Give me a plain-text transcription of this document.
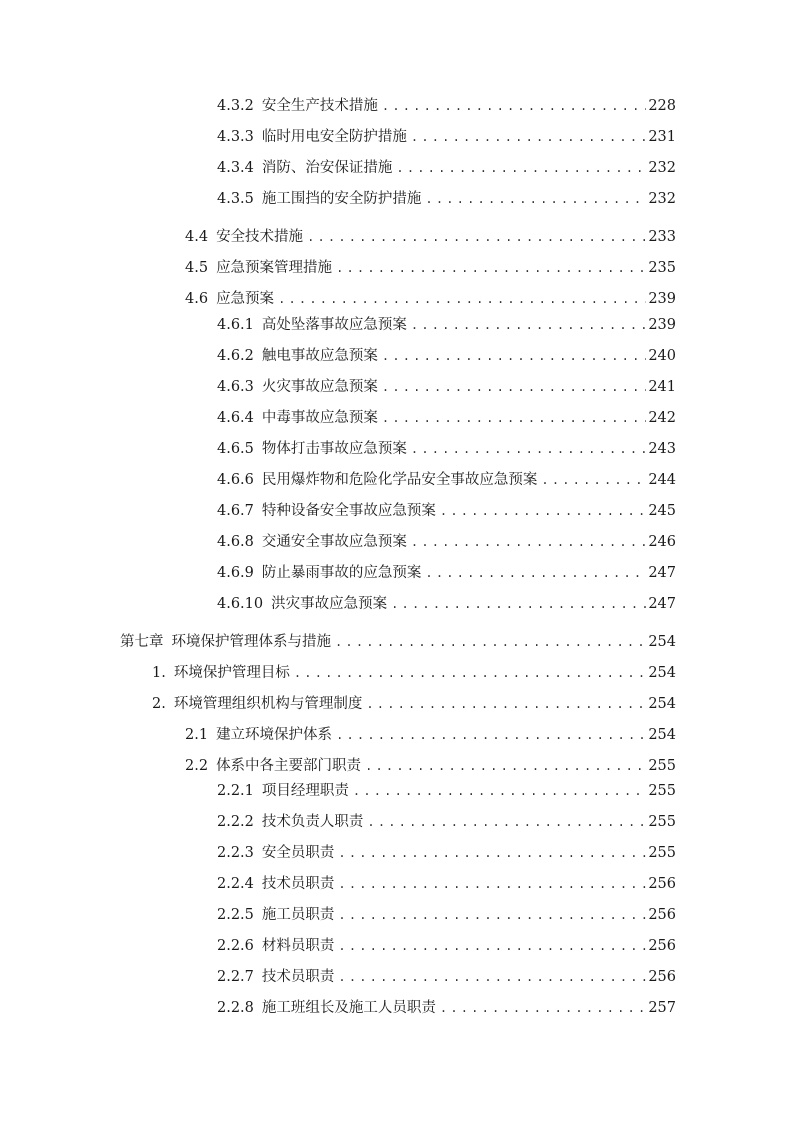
4.3.2 安全生产技术措施 .....	228
4.3.3 临时用电安全防护措施 .....	231
4.3.4 消防、治安保证措施 .....	232
4.3.5 施工围挡的安全防护措施 .....	232
4.4 安全技术措施 .....	233
4.5 应急预案管理措施 .....	235
4.6 应急预案 .....	239
4.6.1 高处坠落事故应急预案 .....	239
4.6.2 触电事故应急预案 .....	240
4.6.3 火灾事故应急预案 .....	241
4.6.4 中毒事故应急预案 .....	242
4.6.5 物体打击事故应急预案 .....	243
4.6.6 民用爆炸物和危险化学品安全事故应急预案 .....	244
4.6.7 特种设备安全事故应急预案 .....	245
4.6.8 交通安全事故应急预案 .....	246
4.6.9 防止暴雨事故的应急预案 .....	247
4.6.10 洪灾事故应急预案 .....	247
第七章 环境保护管理体系与措施 .....	254
1. 环境保护管理目标 .....	254
2. 环境管理组织机构与管理制度 .....	254
2.1 建立环境保护体系 .....	254
2.2 体系中各主要部门职责 .....	255
2.2.1 项目经理职责 .....	255
2.2.2 技术负责人职责 .....	255
2.2.3 安全员职责 .....	255
2.2.4 技术员职责 .....	256
2.2.5 施工员职责 .....	256
2.2.6 材料员职责 .....	256
2.2.7 技术员职责 .....	256
2.2.8 施工班组长及施工人员职责 .....	257
